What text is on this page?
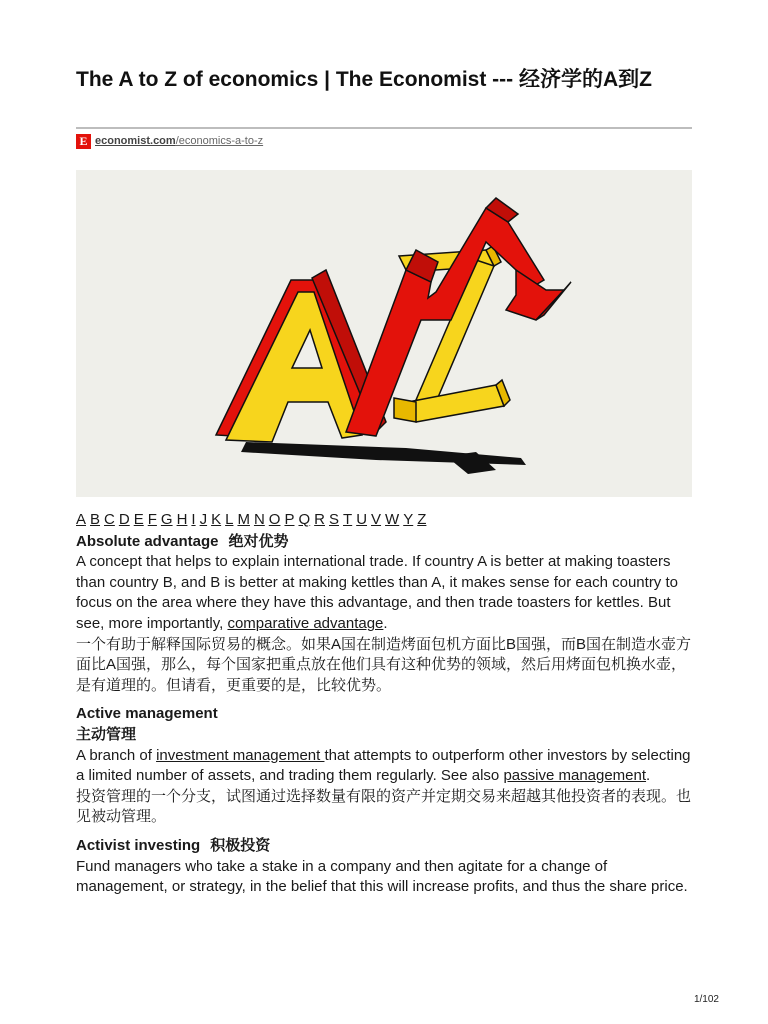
The A to Z of economics | The Economist --- 经济学的A到Z
E economist.com /economics-a-to-z
A B C D E F G H I J K L M N O P Q R S T U V W Y Z

Absolute advantage 绝对优势

A concept that helps to explain international trade. If country A is better at making toasters than country B, and B is better at making kettles than A, it makes sense for each country to focus on the area where they have this advantage, and then trade toasters for kettles. But see, more importantly, comparative advantage.

一个有助于解释国际贸易的概念。如果A国在制造烤面包机方面比B国强，而B国在制造水壶方面比A国强，那么，每个国家把重点放在他们具有这种优势的领域，然后用烤面包机换水壶，是有道理的。但请看，更重要的是，比较优势。

Active management

主动管理

A branch of investment management that attempts to outperform other investors by selecting a limited number of assets, and trading them regularly. See also passive management.

投资管理的一个分支，试图通过选择数量有限的资产并定期交易来超越其他投资者的表现。也见被动管理。

Activist investing 积极投资

Fund managers who take a stake in a company and then agitate for a change of management, or strategy, in the belief that this will increase profits, and thus the share price.

1/102
